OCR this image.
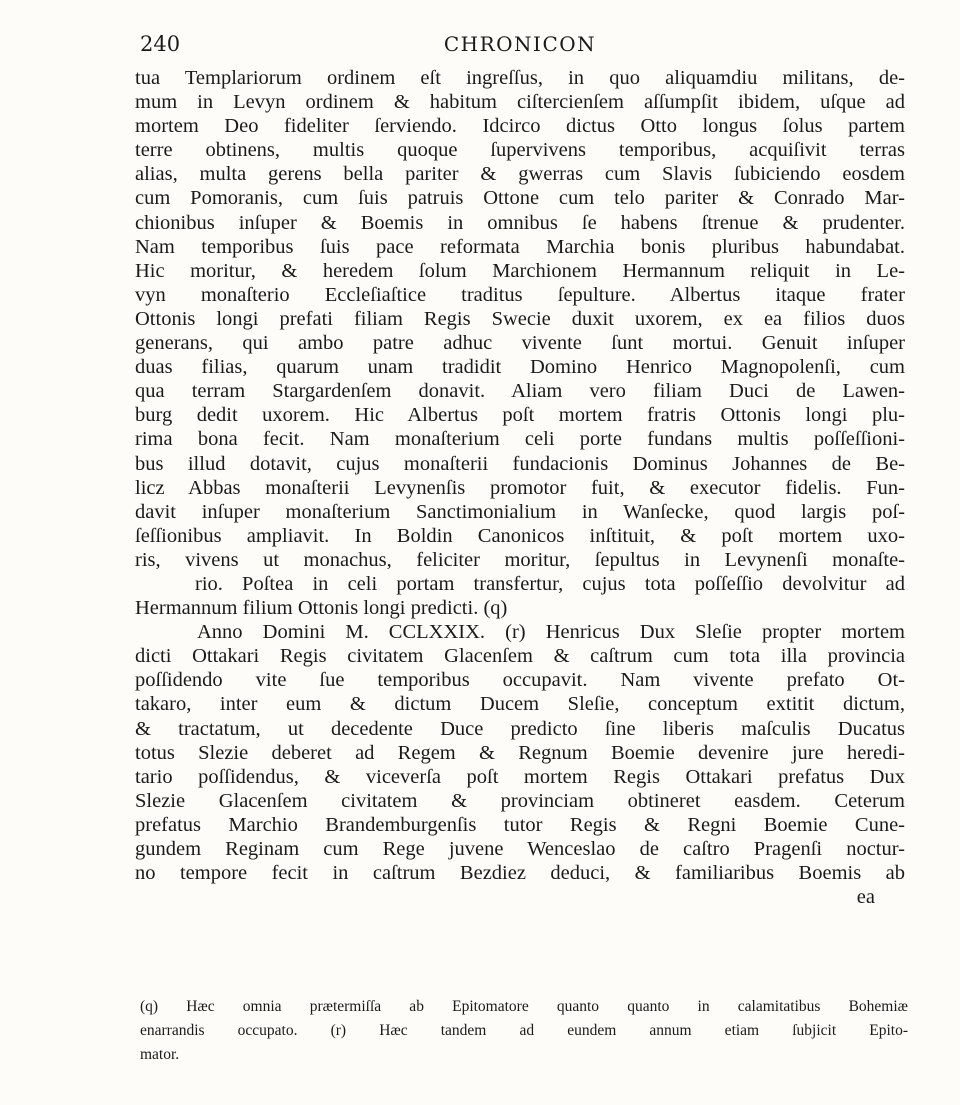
240	CHRONICON
tua Templariorum ordinem eſt ingreſſus, in quo aliquamdiu militans, de-
mum in Levyn ordinem & habitum ciſtercienſem aſſumpſit ibidem, uſque ad
mortem Deo fideliter ſerviendo. Idcirco dictus Otto longus ſolus partem
terre obtinens, multis quoque ſupervivens temporibus, acquiſivit terras
alias, multa gerens bella pariter & gwerras cum Slavis ſubiciendo eosdem
cum Pomoranis, cum ſuis patruis Ottone cum telo pariter & Conrado Mar-
chionibus inſuper & Boemis in omnibus ſe habens ſtrenue & prudenter.
Nam temporibus ſuis pace reformata Marchia bonis pluribus habundabat.
Hic moritur, & heredem ſolum Marchionem Hermannum reliquit in Le-
vyn monaſterio Eccleſiaſtice traditus ſepulture. Albertus itaque frater
Ottonis longi prefati filiam Regis Swecie duxit uxorem, ex ea filios duos
generans, qui ambo patre adhuc vivente ſunt mortui. Genuit inſuper
duas filias, quarum unam tradidit Domino Henrico Magnopolenſi, cum
qua terram Stargardenſem donavit. Aliam vero filiam Duci de Lawen-
burg dedit uxorem. Hic Albertus poſt mortem fratris Ottonis longi plu-
rima bona fecit. Nam monaſterium celi porte fundans multis poſſeſſioni-
bus illud dotavit, cujus monaſterii fundacionis Dominus Johannes de Be-
licz Abbas monaſterii Levynenſis promotor fuit, & executor fidelis. Fun-
davit inſuper monaſterium Sanctimonialium in Wanſecke, quod largis poſ-
ſeſſionibus ampliavit. In Boldin Canonicos inſtituit, & poſt mortem uxo-
ris, vivens ut monachus, feliciter moritur, ſepultus in Levynenſi monaſte-
rio. Poſtea in celi portam transfertur, cujus tota poſſeſſio devolvitur ad
Hermannum filium Ottonis longi predicti. (q)
Anno Domini M. CCLXXIX. (r) Henricus Dux Sleſie propter mortem
dicti Ottakari Regis civitatem Glacenſem & caſtrum cum tota illa provincia
poſſidendo vite ſue temporibus occupavit. Nam vivente prefato Ot-
takaro, inter eum & dictum Ducem Sleſie, conceptum extitit dictum,
& tractatum, ut decedente Duce predicto ſine liberis maſculis Ducatus
totus Slezie deberet ad Regem & Regnum Boemie devenire jure heredi-
tario poſſidendus, & viceverſa poſt mortem Regis Ottakari prefatus Dux
Slezie Glacenſem civitatem & provinciam obtineret easdem. Ceterum
prefatus Marchio Brandemburgenſis tutor Regis & Regni Boemie Cune-
gundem Reginam cum Rege juvene Wenceslao de caſtro Pragenſi noctur-
no tempore fecit in caſtrum Bezdiez deduci, & familiaribus Boemis ab
ea
(q) Hæc omnia prætermiſſa ab Epitomatore quanto quanto in calamitatibus Bohemiæ
enarrandis occupato. (r) Hæc tandem ad eundem annum etiam ſubjicit Epito-
mator.
